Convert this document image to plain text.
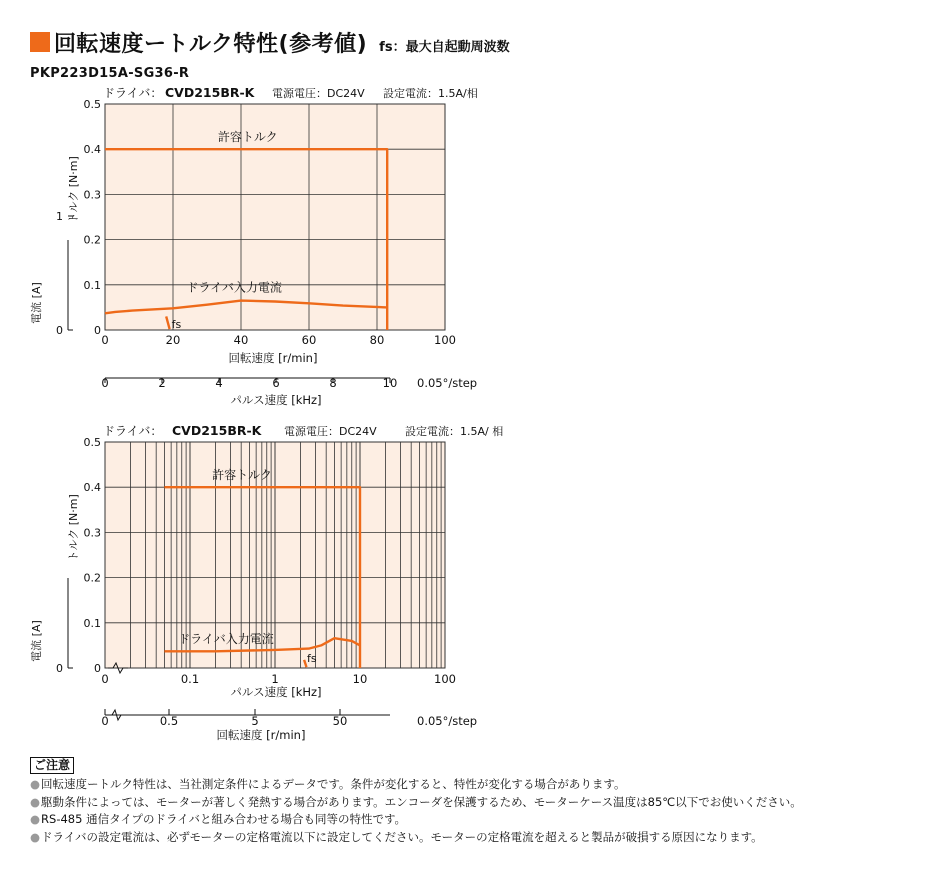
回転速度ートルク特性(参考値) fs：最大自起動周波数
PKP223D15A-SG36-R
ドライバ： CVD215BR-K 電源電圧：DC24V 設定電流：1.5A/相
0
0.1
0.2
0.3
0.4
0.5
0
電流 [A]
トルク [N·m]
0	20	40	60	80	100
回転速度 [r/min]
許容トルク
ドライバ入力電流
fs
0	2	4	6	8	10 0.05°/step
パルス速度 [kHz]
ドライバ： CVD215BR-K 電源電圧：DC24V	設定電流：1.5A/ 相
0
0.1
0.2
0.3
0.4
0.5
0
1
電流 [A]
トルク [N·m]
0	0.1	1	10	100
パルス速度 [kHz]
許容トルク
ドライバ入力電流
fs
0	0.5	5	50	0.05°/step
回転速度 [r/min]
ご注意
●回転速度ートルク特性は、当社測定条件によるデータです。条件が変化すると、特性が変化する場合があります。
●駆動条件によっては、モーターが著しく発熱する場合があります。エンコーダを保護するため、モーターケース温度は85℃以下でお使いください。
●RS-485 通信タイプのドライバと組み合わせる場合も同等の特性です。
●ドライバの設定電流は、必ずモーターの定格電流以下に設定してください。モーターの定格電流を超えると製品が破損する原因になります。
